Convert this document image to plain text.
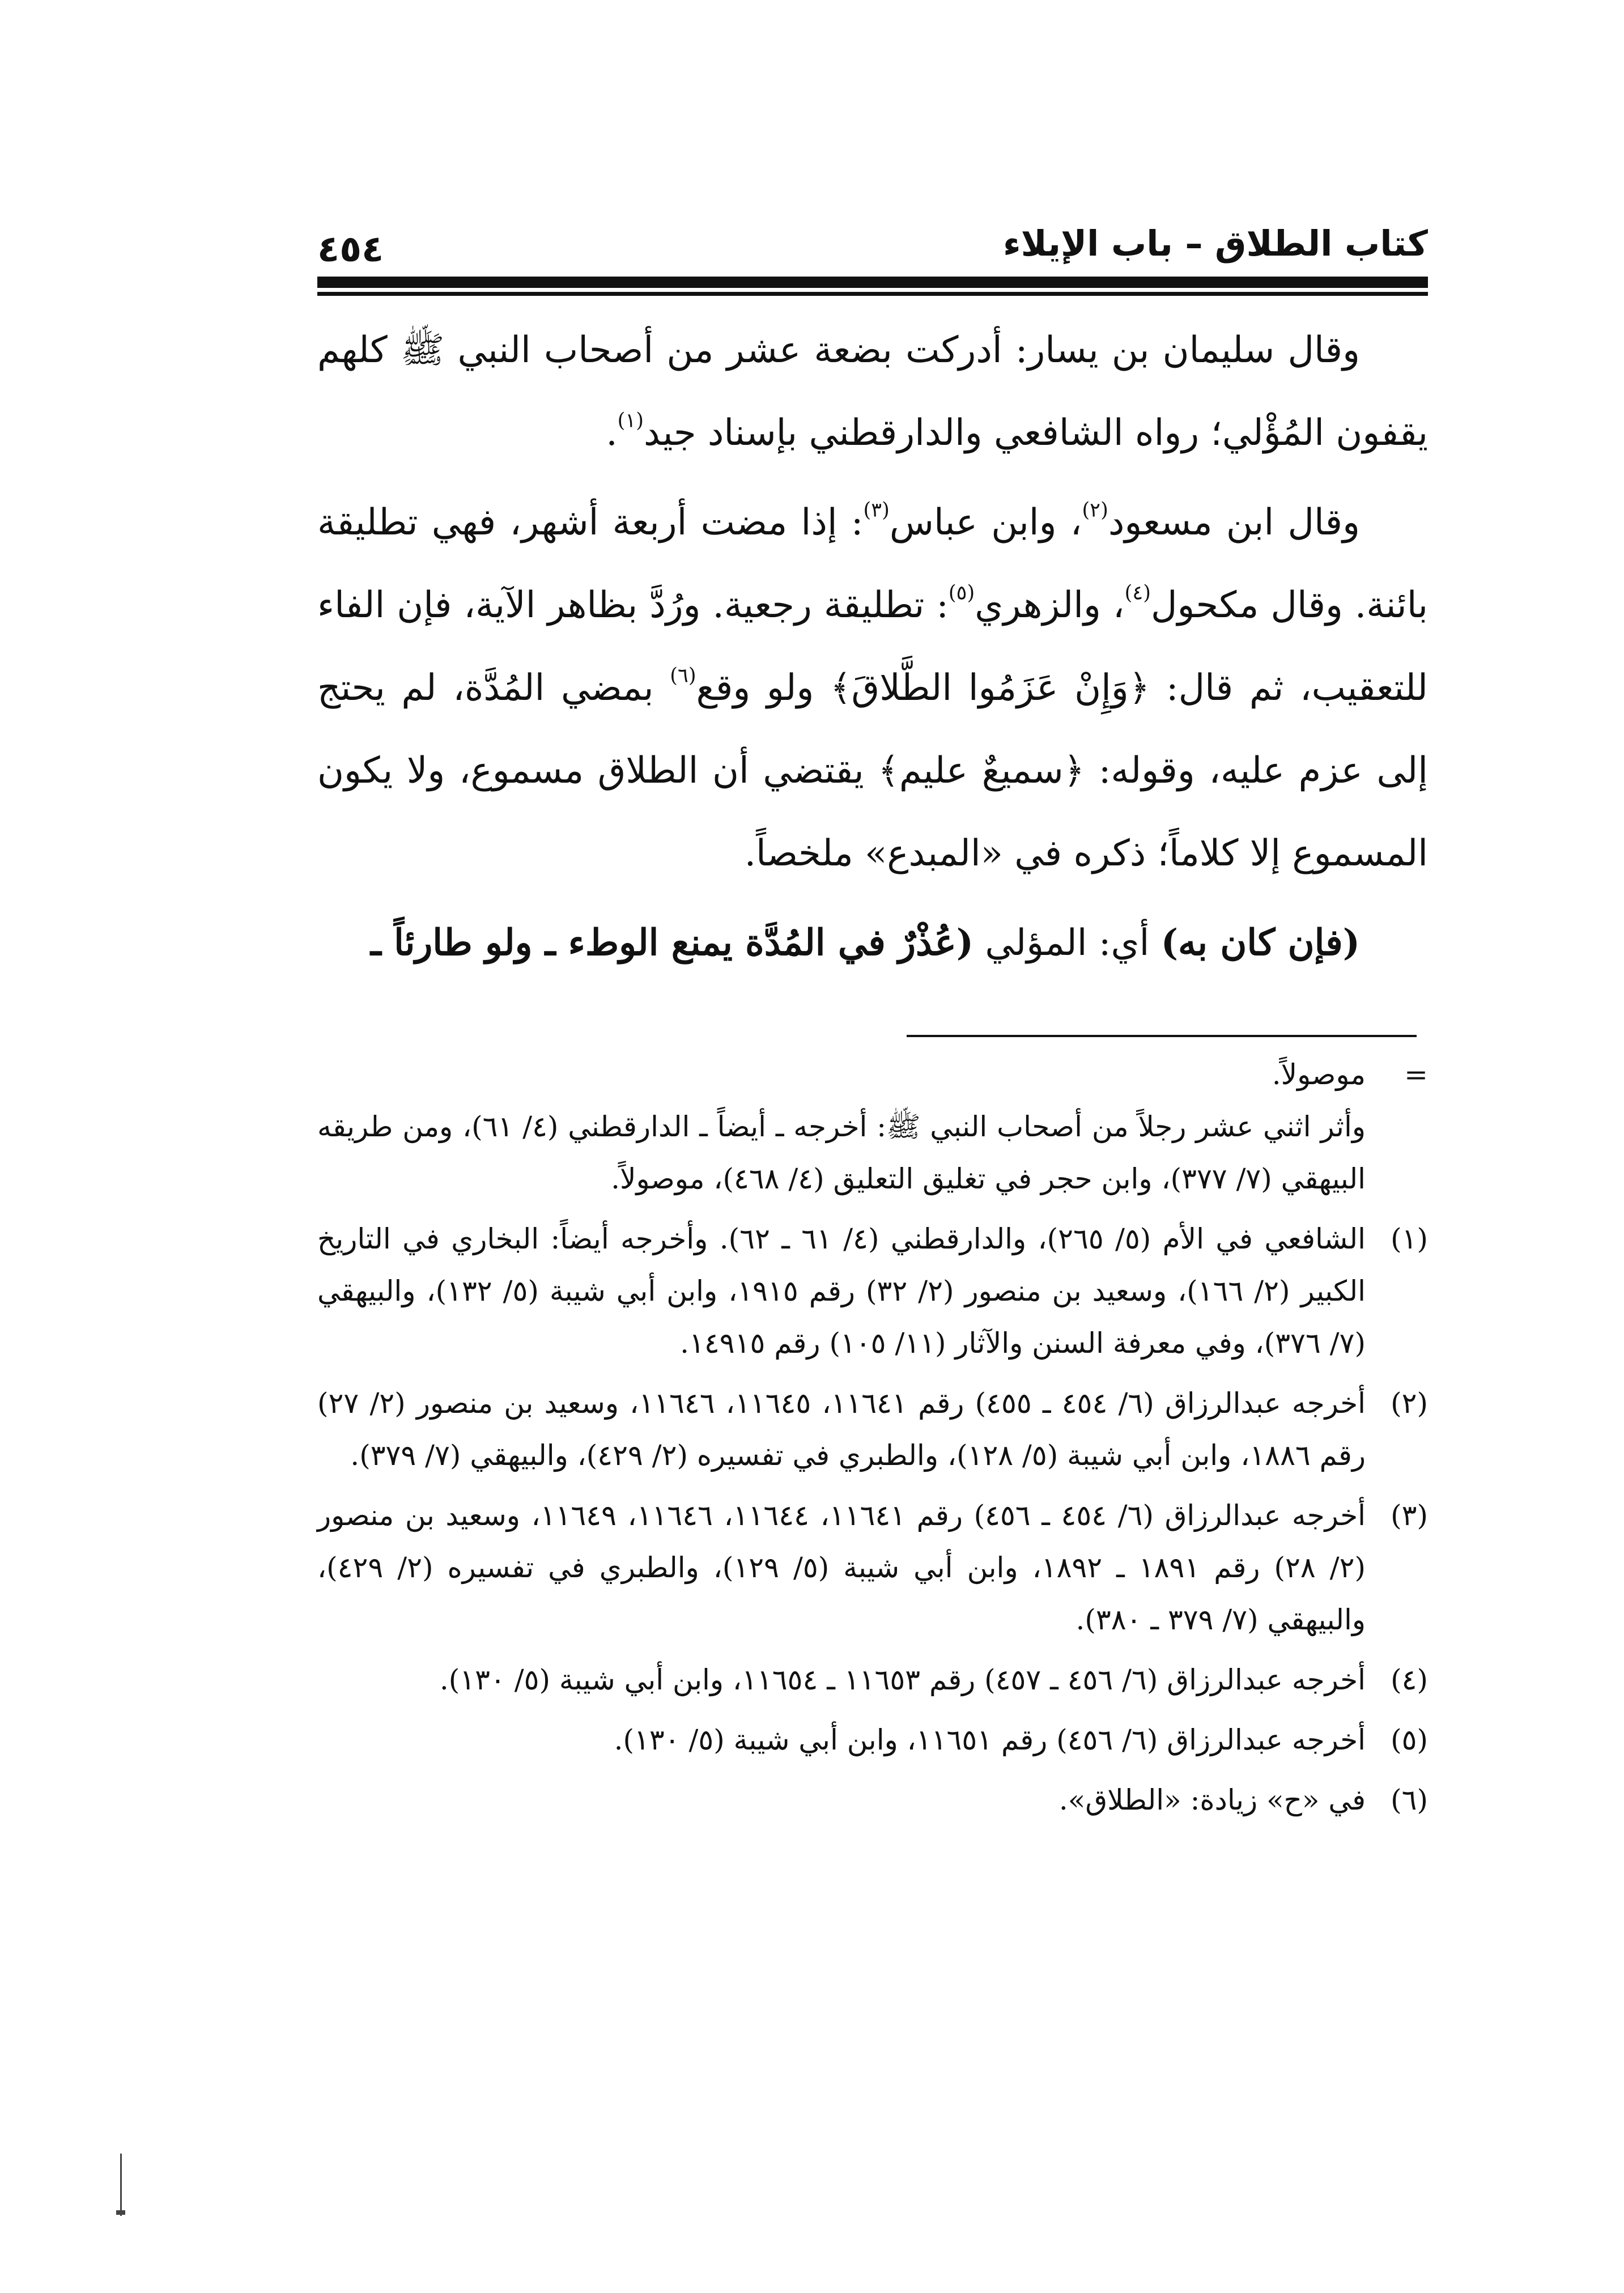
كتاب الطلاق – باب الإيلاء
٤٥٤

وقال سليمان بن يسار: أدركت بضعة عشر من أصحاب النبي ﷺ كلهم يقفون المُؤْلي؛ رواه الشافعي والدارقطني بإسناد جيد$^{(١)}$.

وقال ابن مسعود$^{(٢)}$، وابن عباس$^{(٣)}$: إذا مضت أربعة أشهر، فهي تطليقة بائنة. وقال مكحول$^{(٤)}$، والزهري$^{(٥)}$: تطليقة رجعية. ورُدَّ بظاهر الآية، فإن الفاء للتعقيب، ثم قال: ﴿وَإِنْ عَزَمُوا الطَّلاقَ﴾ ولو وقع$^{(٦)}$ بمضي المُدَّة، لم يحتج إلى عزم عليه، وقوله: ﴿سميعٌ عليم﴾ يقتضي أن الطلاق مسموع، ولا يكون المسموع إلا كلاماً؛ ذكره في «المبدع» ملخصاً.

(فإن كان به) أي: المؤلي (عُذْرٌ في المُدَّة يمنع الوطء ـ ولو طارئاً ـ

=
موصولاً.

وأثر اثني عشر رجلاً من أصحاب النبي ﷺ: أخرجه ـ أيضاً ـ الدارقطني (٤/ ٦١)، ومن طريقه البيهقي (٧/ ٣٧٧)، وابن حجر في تغليق التعليق (٤/ ٤٦٨)، موصولاً.

(١)
الشافعي في الأم (٥/ ٢٦٥)، والدارقطني (٤/ ٦١ ـ ٦٢). وأخرجه أيضاً: البخاري في التاريخ الكبير (٢/ ١٦٦)، وسعيد بن منصور (٢/ ٣٢) رقم ١٩١٥، وابن أبي شيبة (٥/ ١٣٢)، والبيهقي (٧/ ٣٧٦)، وفي معرفة السنن والآثار (١١/ ١٠٥) رقم ١٤٩١٥.

(٢)
أخرجه عبدالرزاق (٦/ ٤٥٤ ـ ٤٥٥) رقم ١١٦٤١، ١١٦٤٥، ١١٦٤٦، وسعيد بن منصور (٢/ ٢٧) رقم ١٨٨٦، وابن أبي شيبة (٥/ ١٢٨)، والطبري في تفسيره (٢/ ٤٢٩)، والبيهقي (٧/ ٣٧٩).

(٣)
أخرجه عبدالرزاق (٦/ ٤٥٤ ـ ٤٥٦) رقم ١١٦٤١، ١١٦٤٤، ١١٦٤٦، ١١٦٤٩، وسعيد بن منصور (٢/ ٢٨) رقم ١٨٩١ ـ ١٨٩٢، وابن أبي شيبة (٥/ ١٢٩)، والطبري في تفسيره (٢/ ٤٢٩)، والبيهقي (٧/ ٣٧٩ ـ ٣٨٠).

(٤)
أخرجه عبدالرزاق (٦/ ٤٥٦ ـ ٤٥٧) رقم ١١٦٥٣ ـ ١١٦٥٤، وابن أبي شيبة (٥/ ١٣٠).

(٥)
أخرجه عبدالرزاق (٦/ ٤٥٦) رقم ١١٦٥١، وابن أبي شيبة (٥/ ١٣٠).

(٦)
في «ح» زيادة: «الطلاق».
